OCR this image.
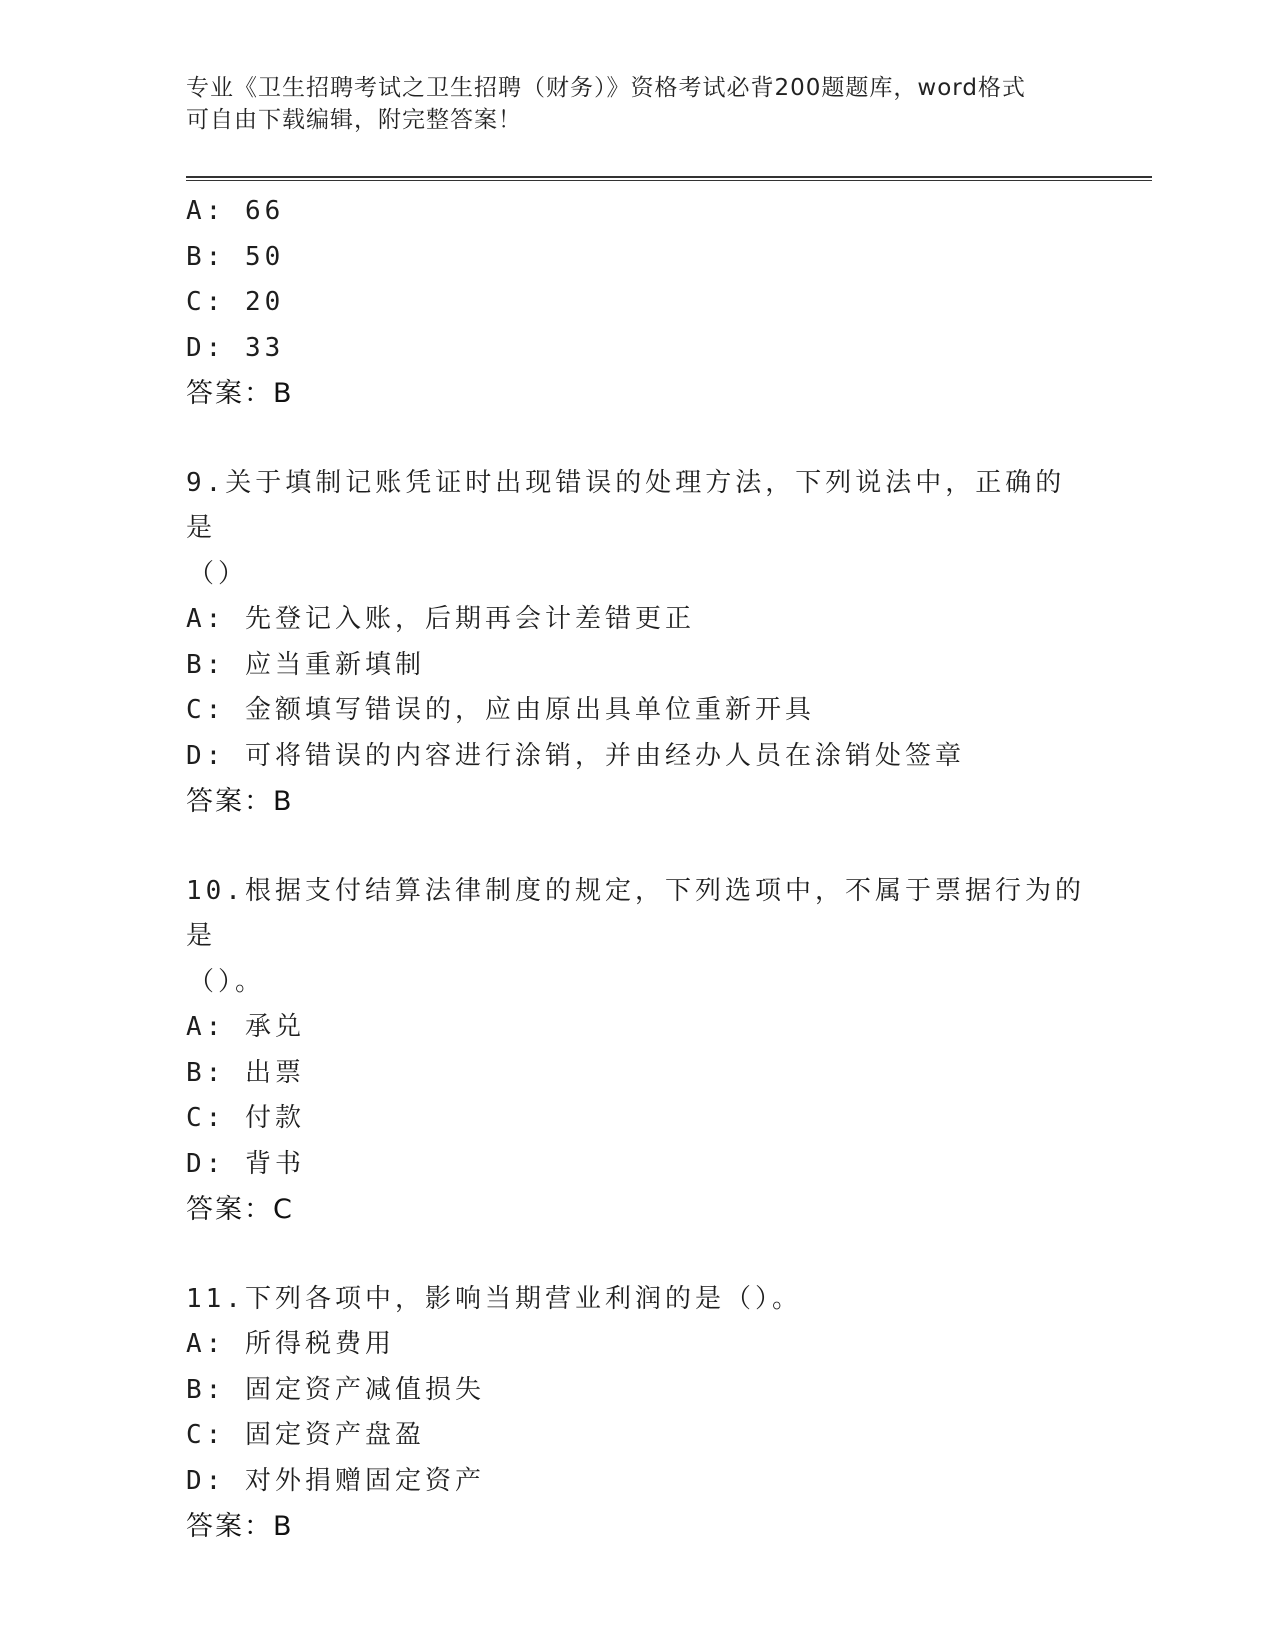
专业《卫生招聘考试之卫生招聘（财务）》资格考试必背200题题库，word格式
可自由下载编辑，附完整答案！
A: 66
B: 50
C: 20
D: 33
答案：B
9.关于填制记账凭证时出现错误的处理方法，下列说法中，正确的是
（）
A: 先登记入账，后期再会计差错更正
B: 应当重新填制
C: 金额填写错误的，应由原出具单位重新开具
D: 可将错误的内容进行涂销，并由经办人员在涂销处签章
答案：B
10.根据支付结算法律制度的规定，下列选项中，不属于票据行为的是
（）。
A: 承兑
B: 出票
C: 付款
D: 背书
答案：C
11.下列各项中，影响当期营业利润的是（）。
A: 所得税费用
B: 固定资产减值损失
C: 固定资产盘盈
D: 对外捐赠固定资产
答案：B
